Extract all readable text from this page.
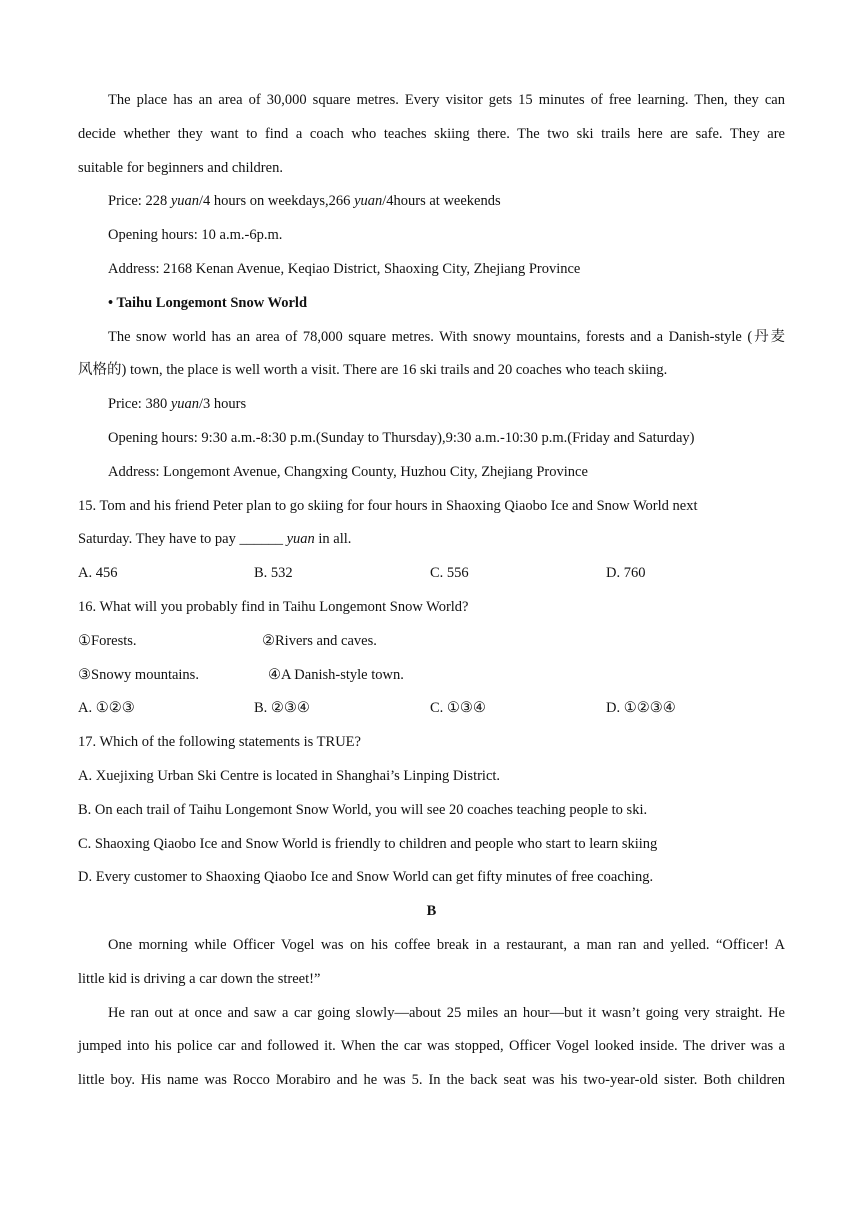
The place has an area of 30,000 square metres. Every visitor gets 15 minutes of free learning. Then, they can
decide whether they want to find a coach who teaches skiing there. The two ski trails here are safe. They are
suitable for beginners and children.
Price: 228 yuan/4 hours on weekdays,266 yuan/4hours at weekends
Opening hours: 10 a.m.-6p.m.
Address: 2168 Kenan Avenue, Keqiao District, Shaoxing City, Zhejiang Province
• Taihu Longemont Snow World
The snow world has an area of 78,000 square metres. With snowy mountains, forests and a Danish-style (丹麦
风格的) town, the place is well worth a visit. There are 16 ski trails and 20 coaches who teach skiing.
Price: 380 yuan/3 hours
Opening hours: 9:30 a.m.-8:30 p.m.(Sunday to Thursday),9:30 a.m.-10:30 p.m.(Friday and Saturday)
Address: Longemont Avenue, Changxing County, Huzhou City, Zhejiang Province
15. Tom and his friend Peter plan to go skiing for four hours in Shaoxing Qiaobo Ice and Snow World next
Saturday. They have to pay ______ yuan in all.
A. 456	B. 532	C. 556	D. 760
16. What will you probably find in Taihu Longemont Snow World?
①Forests.	②Rivers and caves.
③Snowy mountains.	④A Danish-style town.
A. ①②③	B. ②③④	C. ①③④	D. ①②③④
17. Which of the following statements is TRUE?
A. Xuejixing Urban Ski Centre is located in Shanghai’s Linping District.
B. On each trail of Taihu Longemont Snow World, you will see 20 coaches teaching people to ski.
C. Shaoxing Qiaobo Ice and Snow World is friendly to children and people who start to learn skiing
D. Every customer to Shaoxing Qiaobo Ice and Snow World can get fifty minutes of free coaching.
B
One morning while Officer Vogel was on his coffee break in a restaurant, a man ran and yelled. “Officer! A
little kid is driving a car down the street!”
He ran out at once and saw a car going slowly—about 25 miles an hour—but it wasn’t going very straight. He
jumped into his police car and followed it. When the car was stopped, Officer Vogel looked inside. The driver was a
little boy. His name was Rocco Morabiro and he was 5. In the back seat was his two-year-old sister. Both children
